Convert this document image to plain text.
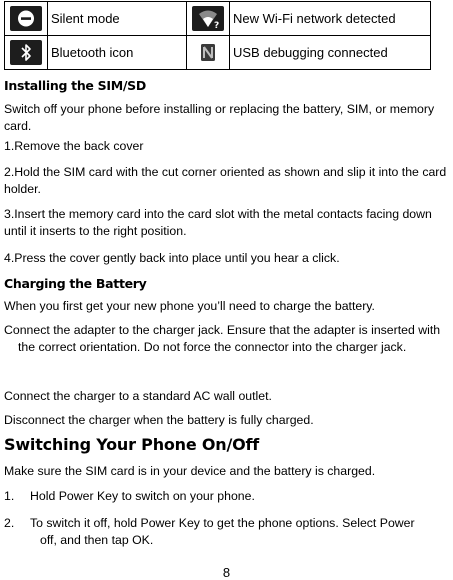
	Silent mode	?	New Wi-Fi network detected

	Bluetooth icon		USB debugging connected
Installing the SIM/SD
Switch off your phone before installing or replacing the battery, SIM, or memory card.
1.Remove the back cover
2.Hold the SIM card with the cut corner oriented as shown and slip it into the card holder.
3.Insert the memory card into the card slot with the metal contacts facing down until it inserts to the right position.
4.Press the cover gently back into place until you hear a click.
Charging the Battery
When you first get your new phone you’ll need to charge the battery.
Connect the adapter to the charger jack. Ensure that the adapter is inserted with the correct orientation. Do not force the connector into the charger jack.
Connect the charger to a standard AC wall outlet.
Disconnect the charger when the battery is fully charged.
Switching Your Phone On/Off
Make sure the SIM card is in your device and the battery is charged.
1. Hold Power Key to switch on your phone.
2. To switch it off, hold Power Key to get the phone options. Select Power
off, and then tap OK.
8
